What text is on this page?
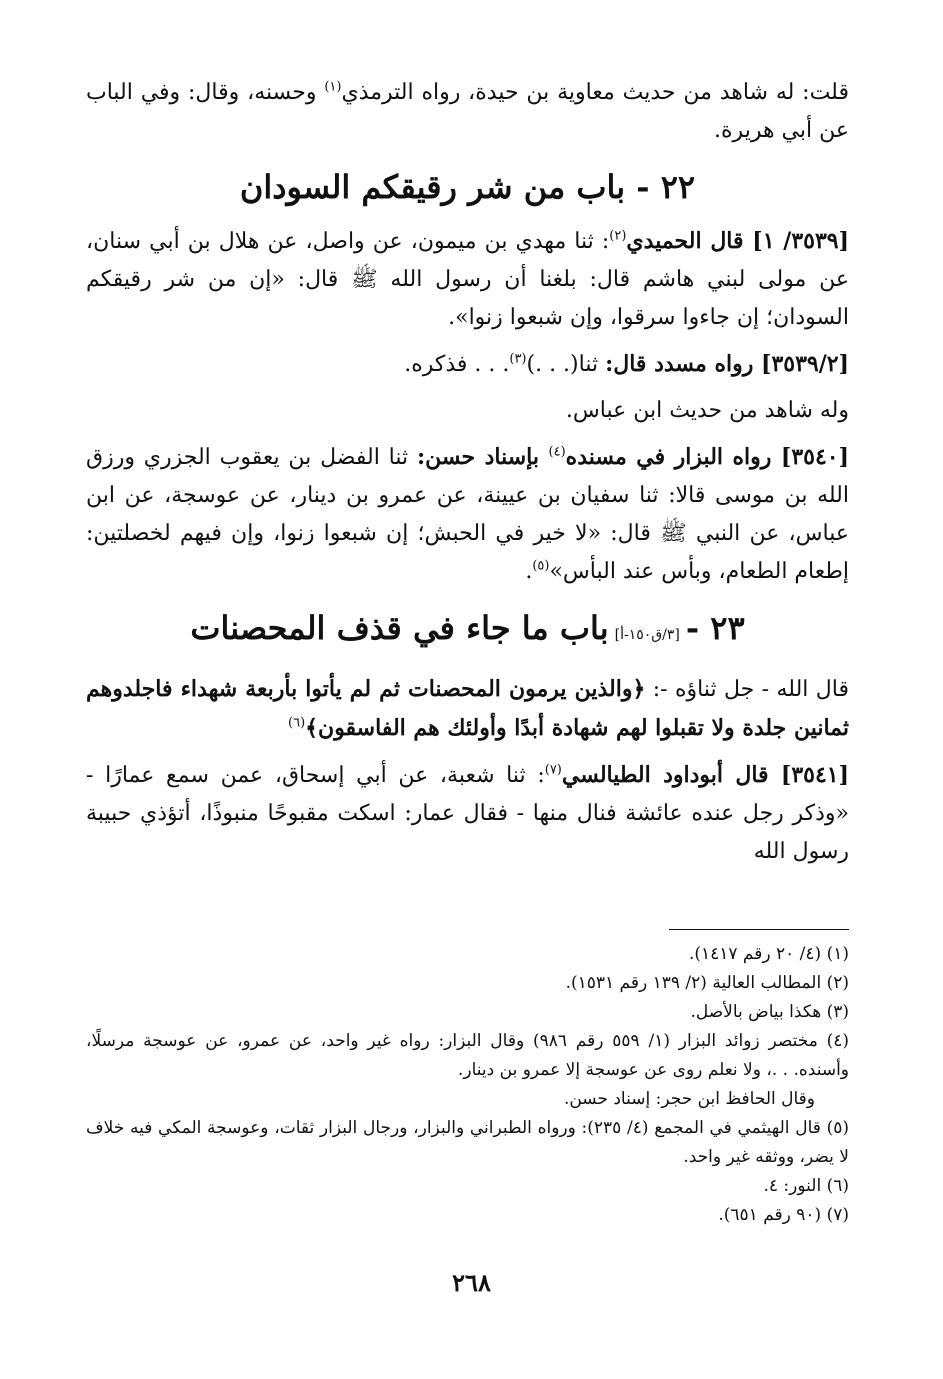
قلت: له شاهد من حديث معاوية بن حيدة، رواه الترمذي$^{(١)}$ وحسنه، وقال: وفي الباب عن أبي هريرة.

٢٢ - باب من شر رقيقكم السودان

[٣٥٣٩/ ١] قال الحميدي$^{(٢)}$: ثنا مهدي بن ميمون، عن واصل، عن هلال بن أبي سنان، عن مولى لبني هاشم قال: بلغنا أن رسول الله ﷺ قال: «إن من شر رقيقكم السودان؛ إن جاءوا سرقوا، وإن شبعوا زنوا».

[٣٥٣٩/٢] رواه مسدد قال: ثنا(. . .)$^{(٣)}$. . . فذكره.

وله شاهد من حديث ابن عباس.

[٣٥٤٠] رواه البزار في مسنده$^{(٤)}$ بإسناد حسن: ثنا الفضل بن يعقوب الجزري ورزق الله بن موسى قالا: ثنا سفيان بن عيينة، عن عمرو بن دينار، عن عوسجة، عن ابن عباس، عن النبي ﷺ قال: «لا خير في الحبش؛ إن شبعوا زنوا، وإن فيهم لخصلتين: إطعام الطعام، وبأس عند البأس»$^{(٥)}$.

٢٣ -[٣/ق١٥٠-أ]باب ما جاء في قذف المحصنات

قال الله - جل ثناؤه -: ﴿والذين يرمون المحصنات ثم لم يأتوا بأربعة شهداء فاجلدوهم ثمانين جلدة ولا تقبلوا لهم شهادة أبدًا وأولئك هم الفاسقون﴾$^{(٦)}$

[٣٥٤١] قال أبوداود الطيالسي$^{(٧)}$: ثنا شعبة، عن أبي إسحاق، عمن سمع عمارًا - «وذكر رجل عنده عائشة فنال منها - فقال عمار: اسكت مقبوحًا منبوذًا، أتؤذي حبيبة رسول الله

(١) (٤/ ٢٠ رقم ١٤١٧).
(٢) المطالب العالية (٢/ ١٣٩ رقم ١٥٣١).
(٣) هكذا بياض بالأصل.
(٤) مختصر زوائد البزار (١/ ٥٥٩ رقم ٩٨٦) وقال البزار: رواه غير واحد، عن عمرو، عن عوسجة مرسلًا، وأسنده. . .، ولا نعلم روى عن عوسجة إلا عمرو بن دينار.
وقال الحافظ ابن حجر: إسناد حسن.
(٥) قال الهيثمي في المجمع (٤/ ٢٣٥): ورواه الطبراني والبزار، ورجال البزار ثقات، وعوسجة المكي فيه خلاف لا يضر، ووثقه غير واحد.
(٦) النور: ٤.
(٧) (٩٠ رقم ٦٥١).
٢٦٨
